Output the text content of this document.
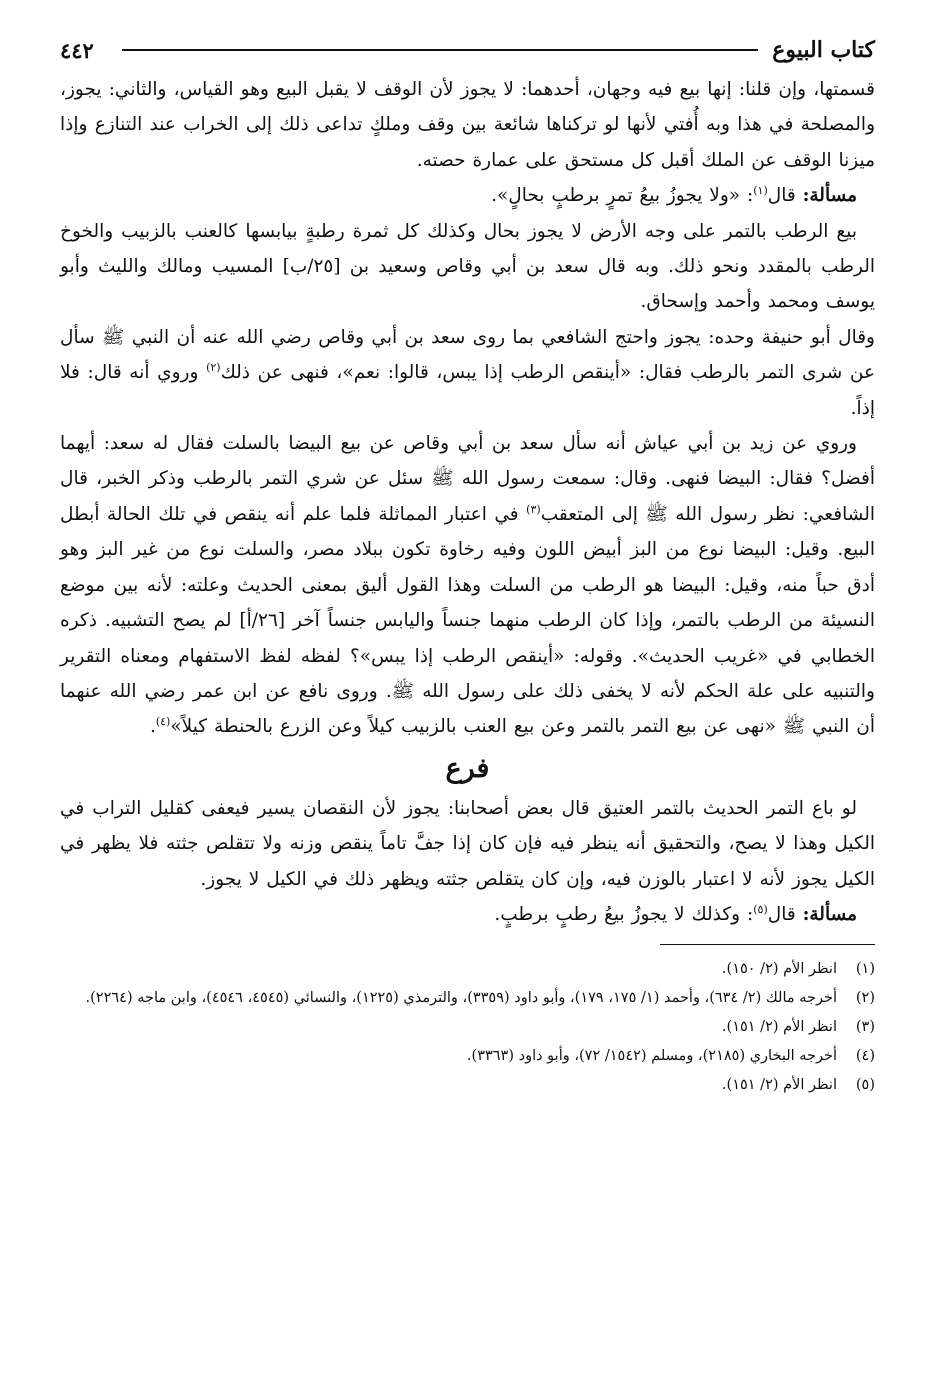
٤٤٢	كتاب البيوع

قسمتها، وإن قلنا: إنها بيع فيه وجهان، أحدهما: لا يجوز لأن الوقف لا يقبل البيع وهو القياس، والثاني: يجوز، والمصلحة في هذا وبه أُفتي لأنها لو تركناها شائعة بين وقف وملكٍ تداعى ذلك إلى الخراب عند التنازع وإذا ميزنا الوقف عن الملك أقبل كل مستحق على عمارة حصته.

مسألة: قال$^{(١)}$: «ولا يجوزُ بيعُ تمرٍ برطبٍ بحالٍ».

بيع الرطب بالتمر على وجه الأرض لا يجوز بحال وكذلك كل ثمرة رطبةٍ بيابسها كالعنب بالزبيب والخوخ الرطب بالمقدد ونحو ذلك. وبه قال سعد بن أبي وقاص وسعيد بن [٢٥/ب] المسيب ومالك والليث وأبو يوسف ومحمد وأحمد وإسحاق.

وقال أبو حنيفة وحده: يجوز واحتج الشافعي بما روى سعد بن أبي وقاص رضي الله عنه أن النبي ﷺ سأل عن شرى التمر بالرطب فقال: «أينقص الرطب إذا يبس، قالوا: نعم»، فنهى عن ذلك$^{(٢)}$ وروي أنه قال: فلا إذاً.

وروي عن زيد بن أبي عياش أنه سأل سعد بن أبي وقاص عن بيع البيضا بالسلت فقال له سعد: أيهما أفضل؟ فقال: البيضا فنهى. وقال: سمعت رسول الله ﷺ سئل عن شري التمر بالرطب وذكر الخبر، قال الشافعي: نظر رسول الله ﷺ إلى المتعقب$^{(٣)}$ في اعتبار المماثلة فلما علم أنه ينقص في تلك الحالة أبطل البيع. وقيل: البيضا نوع من البز أبيض اللون وفيه رخاوة تكون ببلاد مصر، والسلت نوع من غير البز وهو أدق حباً منه، وقيل: البيضا هو الرطب من السلت وهذا القول أليق بمعنى الحديث وعلته: لأنه بين موضع النسيئة من الرطب بالتمر، وإذا كان الرطب منهما جنساً واليابس جنساً آخر [٢٦/أ] لم يصح التشبيه. ذكره الخطابي في «غريب الحديث». وقوله: «أينقص الرطب إذا يبس»؟ لفظه لفظ الاستفهام ومعناه التقرير والتنبيه على علة الحكم لأنه لا يخفى ذلك على رسول الله ﷺ. وروى نافع عن ابن عمر رضي الله عنهما أن النبي ﷺ «نهى عن بيع التمر بالتمر وعن بيع العنب بالزبيب كيلاً وعن الزرع بالحنطة كيلاً»$^{(٤)}$.

فرع

لو باع التمر الحديث بالتمر العتيق قال بعض أصحابنا: يجوز لأن النقصان يسير فيعفى كقليل التراب في الكيل وهذا لا يصح، والتحقيق أنه ينظر فيه فإن كان إذا جفَّ تاماً ينقص وزنه ولا تتقلص جثته فلا يظهر في الكيل يجوز لأنه لا اعتبار بالوزن فيه، وإن كان يتقلص جثته ويظهر ذلك في الكيل لا يجوز.

مسألة: قال$^{(٥)}$: وكذلك لا يجوزُ بيعُ رطبٍ برطبٍ.

(١)
انظر الأم (٢/ ١٥٠).
(٢)
أخرجه مالك (٢/ ٦٣٤)، وأحمد (١/ ١٧٥، ١٧٩)، وأبو داود (٣٣٥٩)، والترمذي (١٢٢٥)، والنسائي (٤٥٤٥، ٤٥٤٦)، وابن ماجه (٢٢٦٤).
(٣)
انظر الأم (٢/ ١٥١).
(٤)
أخرجه البخاري (٢١٨٥)، ومسلم (١٥٤٢/ ٧٢)، وأبو داود (٣٣٦٣).
(٥)
انظر الأم (٢/ ١٥١).
